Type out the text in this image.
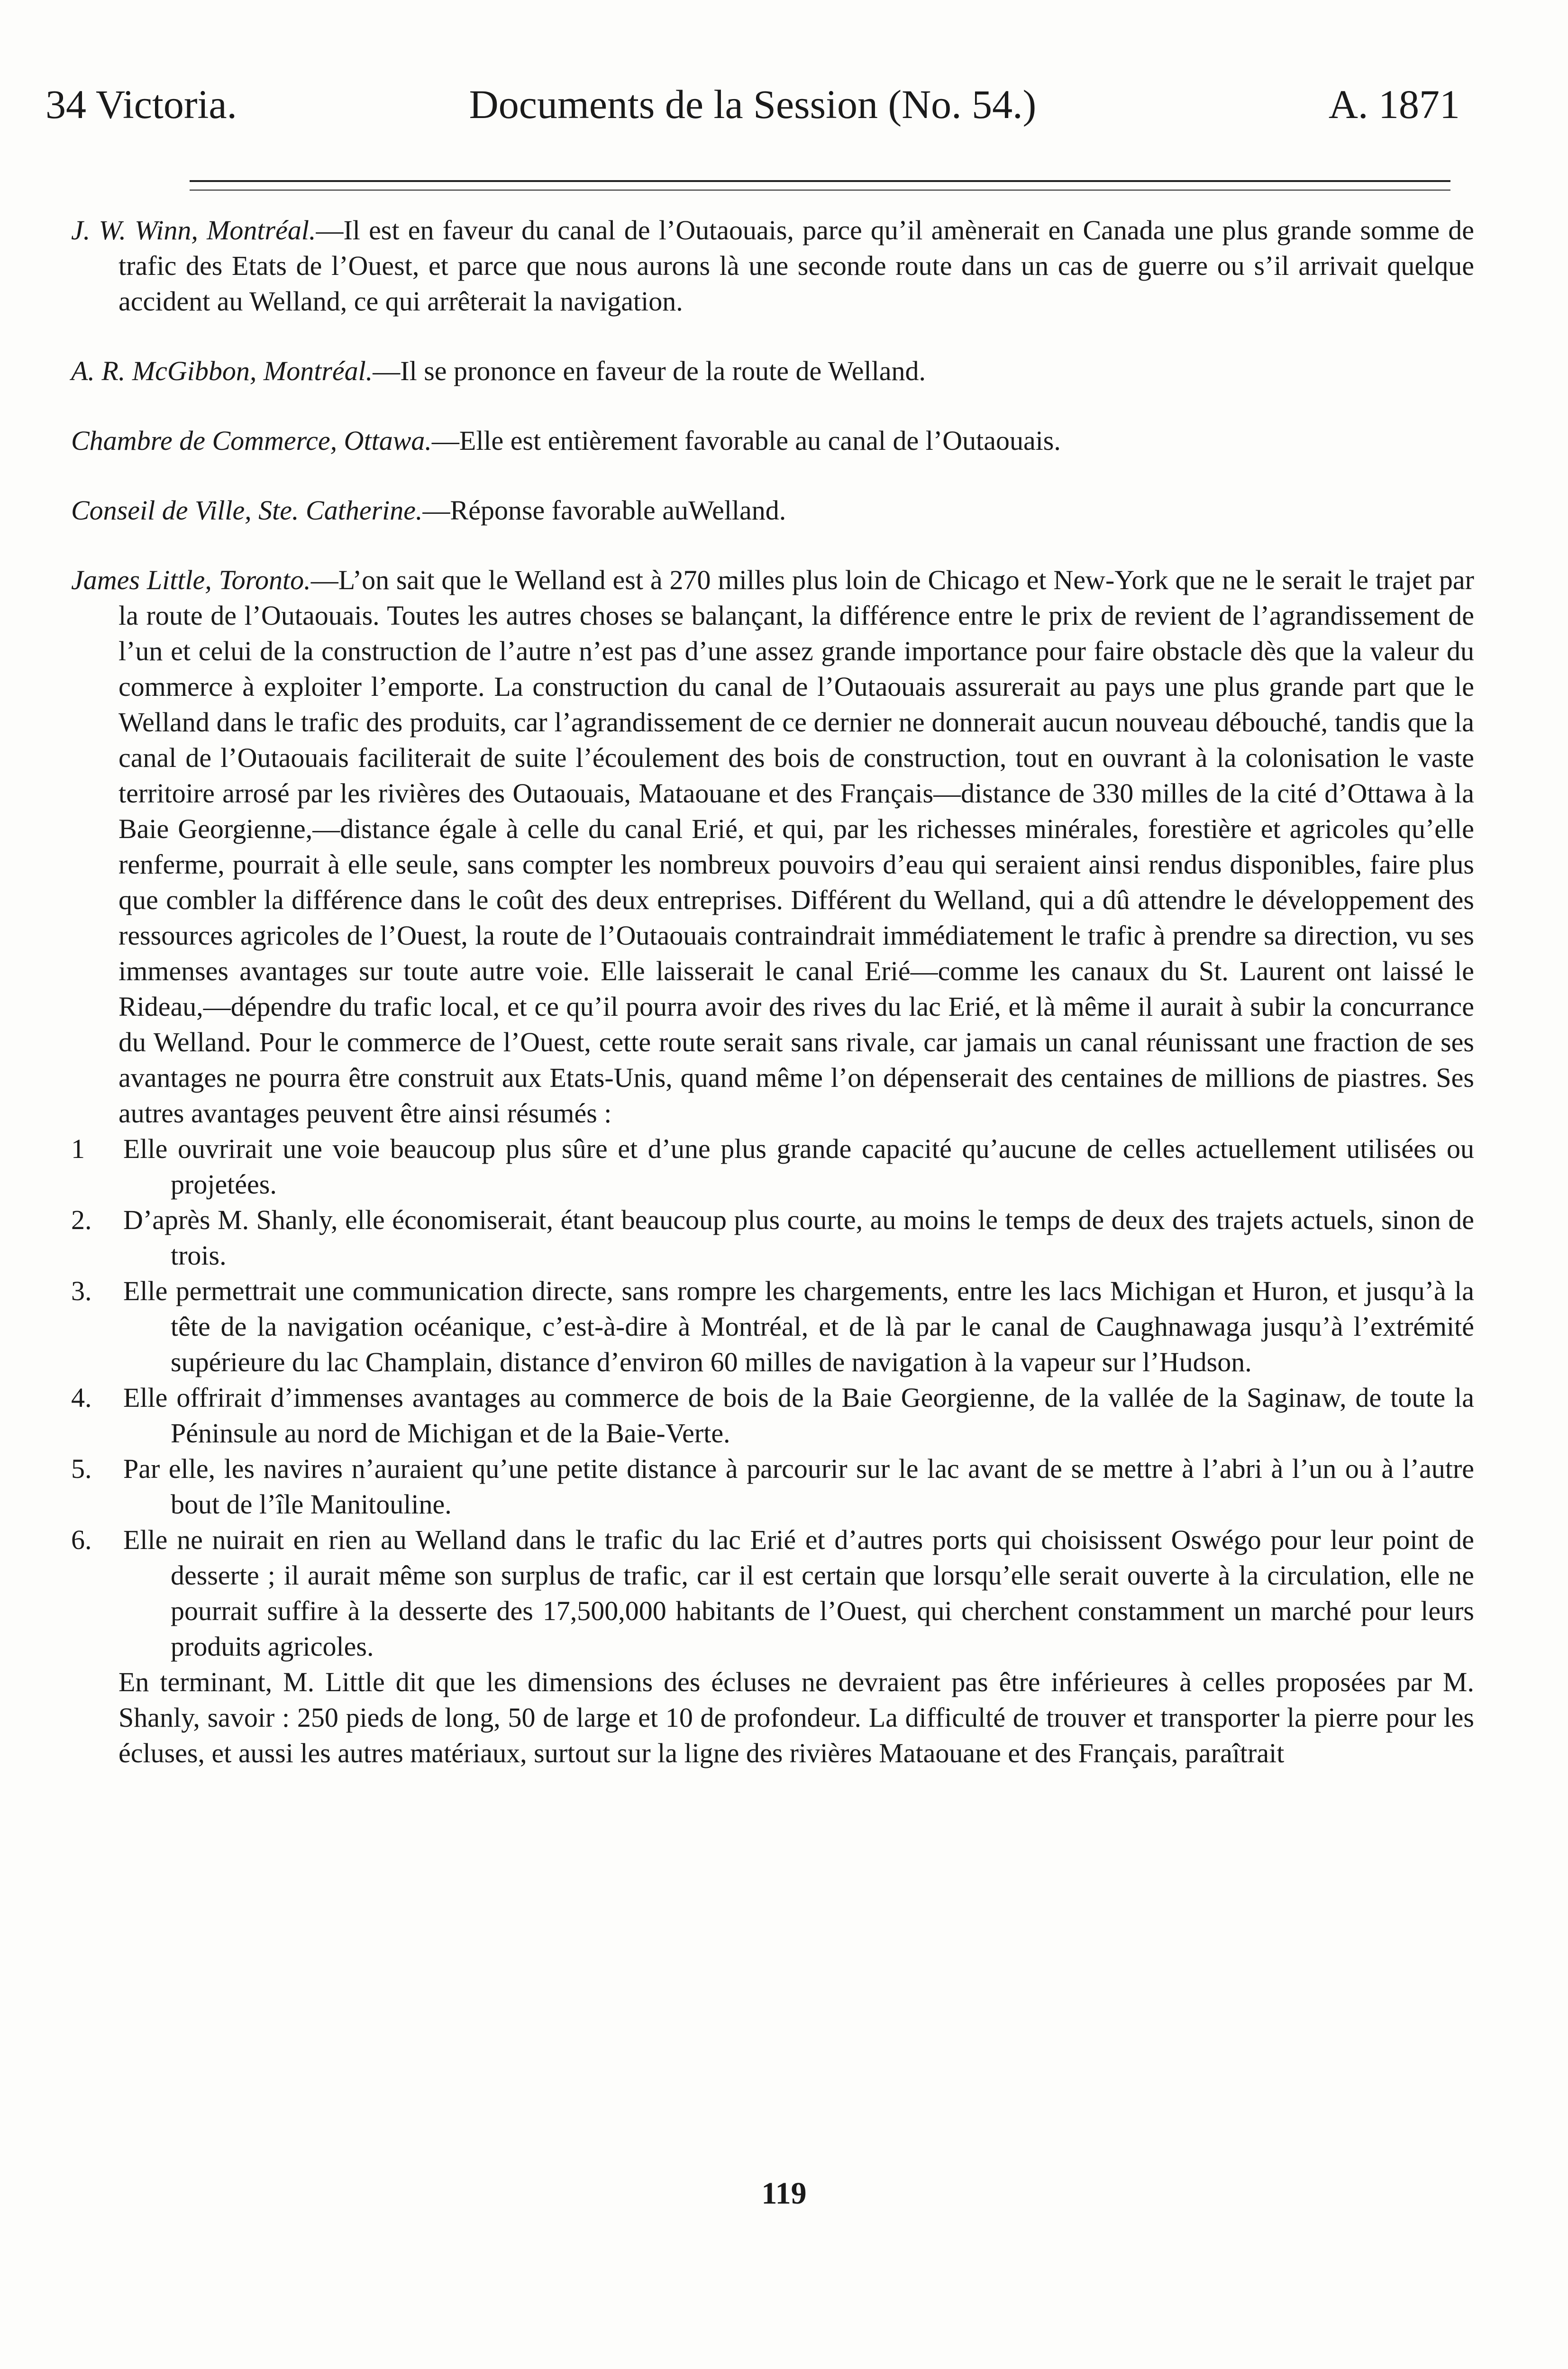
34 Victoria.	Documents de la Session (No. 54.)	A. 1871

J. W. Winn, Montréal.—Il est en faveur du canal de l’Outaouais, parce qu’il amènerait en Canada une plus grande somme de trafic des Etats de l’Ouest, et parce que nous aurons là une seconde route dans un cas de guerre ou s’il arrivait quelque accident au Welland, ce qui arrêterait la navigation.

A. R. McGibbon, Montréal.—Il se prononce en faveur de la route de Welland.

Chambre de Commerce, Ottawa.—Elle est entièrement favorable au canal de l’Outaouais.

Conseil de Ville, Ste. Catherine.—Réponse favorable auWelland.

James Little, Toronto.—L’on sait que le Welland est à 270 milles plus loin de Chicago et New-York que ne le serait le trajet par la route de l’Outaouais. Toutes les autres choses se balançant, la différence entre le prix de revient de l’agrandissement de l’un et celui de la construction de l’autre n’est pas d’une assez grande importance pour faire obstacle dès que la valeur du commerce à exploiter l’emporte. La construction du canal de l’Outaouais assurerait au pays une plus grande part que le Welland dans le trafic des produits, car l’agrandissement de ce dernier ne donnerait aucun nouveau débouché, tandis que la canal de l’Outaouais faciliterait de suite l’écoulement des bois de construction, tout en ouvrant à la colonisation le vaste territoire arrosé par les rivières des Outaouais, Mataouane et des Français—distance de 330 milles de la cité d’Ottawa à la Baie Georgienne,—distance égale à celle du canal Erié, et qui, par les richesses minérales, forestière et agricoles qu’elle renferme, pourrait à elle seule, sans compter les nombreux pouvoirs d’eau qui seraient ainsi rendus disponibles, faire plus que combler la différence dans le coût des deux entreprises. Différent du Welland, qui a dû attendre le développement des ressources agricoles de l’Ouest, la route de l’Outaouais contraindrait immédiatement le trafic à prendre sa direction, vu ses immenses avantages sur toute autre voie. Elle laisserait le canal Erié—comme les canaux du St. Laurent ont laissé le Rideau,—dépendre du trafic local, et ce qu’il pourra avoir des rives du lac Erié, et là même il aurait à subir la concurrance du Welland. Pour le commerce de l’Ouest, cette route serait sans rivale, car jamais un canal réunissant une fraction de ses avantages ne pourra être construit aux Etats-Unis, quand même l’on dépenserait des centaines de millions de piastres. Ses autres avantages peuvent être ainsi résumés :

1 Elle ouvrirait une voie beaucoup plus sûre et d’une plus grande capacité qu’aucune de celles actuellement utilisées ou projetées.
2. D’après M. Shanly, elle économiserait, étant beaucoup plus courte, au moins le temps de deux des trajets actuels, sinon de trois.
3. Elle permettrait une communication directe, sans rompre les chargements, entre les lacs Michigan et Huron, et jusqu’à la tête de la navigation océanique, c’est-à-dire à Montréal, et de là par le canal de Caughnawaga jusqu’à l’extrémité supérieure du lac Champlain, distance d’environ 60 milles de navigation à la vapeur sur l’Hudson.
4. Elle offrirait d’immenses avantages au commerce de bois de la Baie Georgienne, de la vallée de la Saginaw, de toute la Péninsule au nord de Michigan et de la Baie-Verte.
5. Par elle, les navires n’auraient qu’une petite distance à parcourir sur le lac avant de se mettre à l’abri à l’un ou à l’autre bout de l’île Manitouline.
6. Elle ne nuirait en rien au Welland dans le trafic du lac Erié et d’autres ports qui choisissent Oswégo pour leur point de desserte ; il aurait même son surplus de trafic, car il est certain que lorsqu’elle serait ouverte à la circulation, elle ne pourrait suffire à la desserte des 17,500,000 habitants de l’Ouest, qui cherchent constamment un marché pour leurs produits agricoles.

En terminant, M. Little dit que les dimensions des écluses ne devraient pas être inférieures à celles proposées par M. Shanly, savoir : 250 pieds de long, 50 de large et 10 de profondeur. La difficulté de trouver et transporter la pierre pour les écluses, et aussi les autres matériaux, surtout sur la ligne des rivières Mataouane et des Français, paraîtrait

119
